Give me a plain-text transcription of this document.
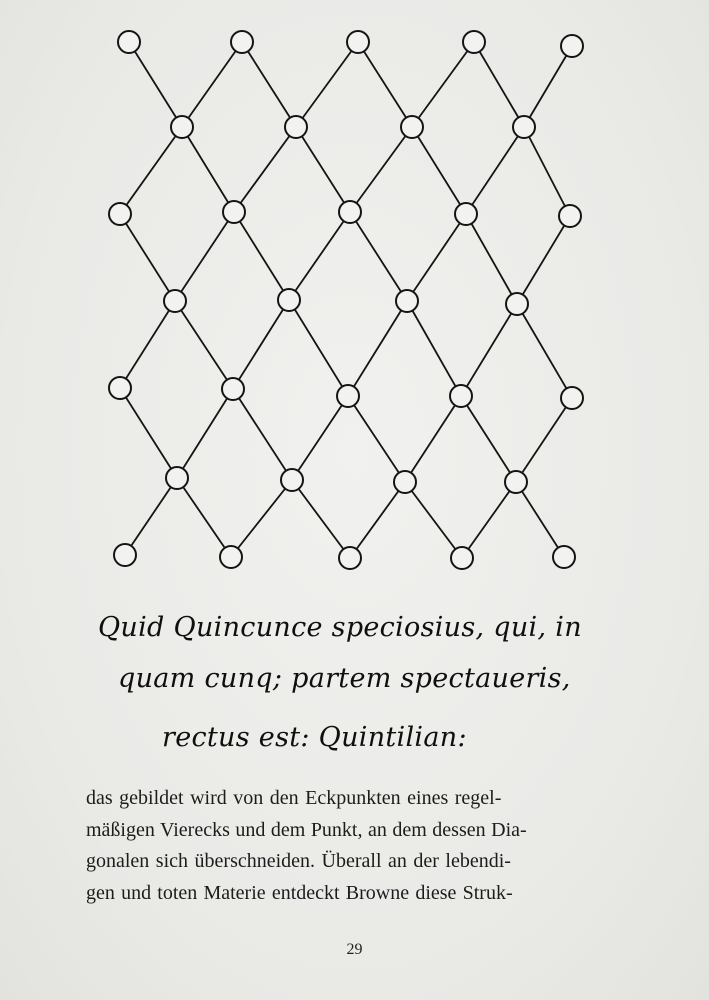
Quid Quincunce speciosius, qui, in
quam cunq; partem spectaueris,
rectus est: Quintilian:
das gebildet wird von den Eckpunkten eines regel-
mäßigen Vierecks und dem Punkt, an dem dessen Dia-
gonalen sich überschneiden. Überall an der lebendi-
gen und toten Materie entdeckt Browne diese Struk-
29
